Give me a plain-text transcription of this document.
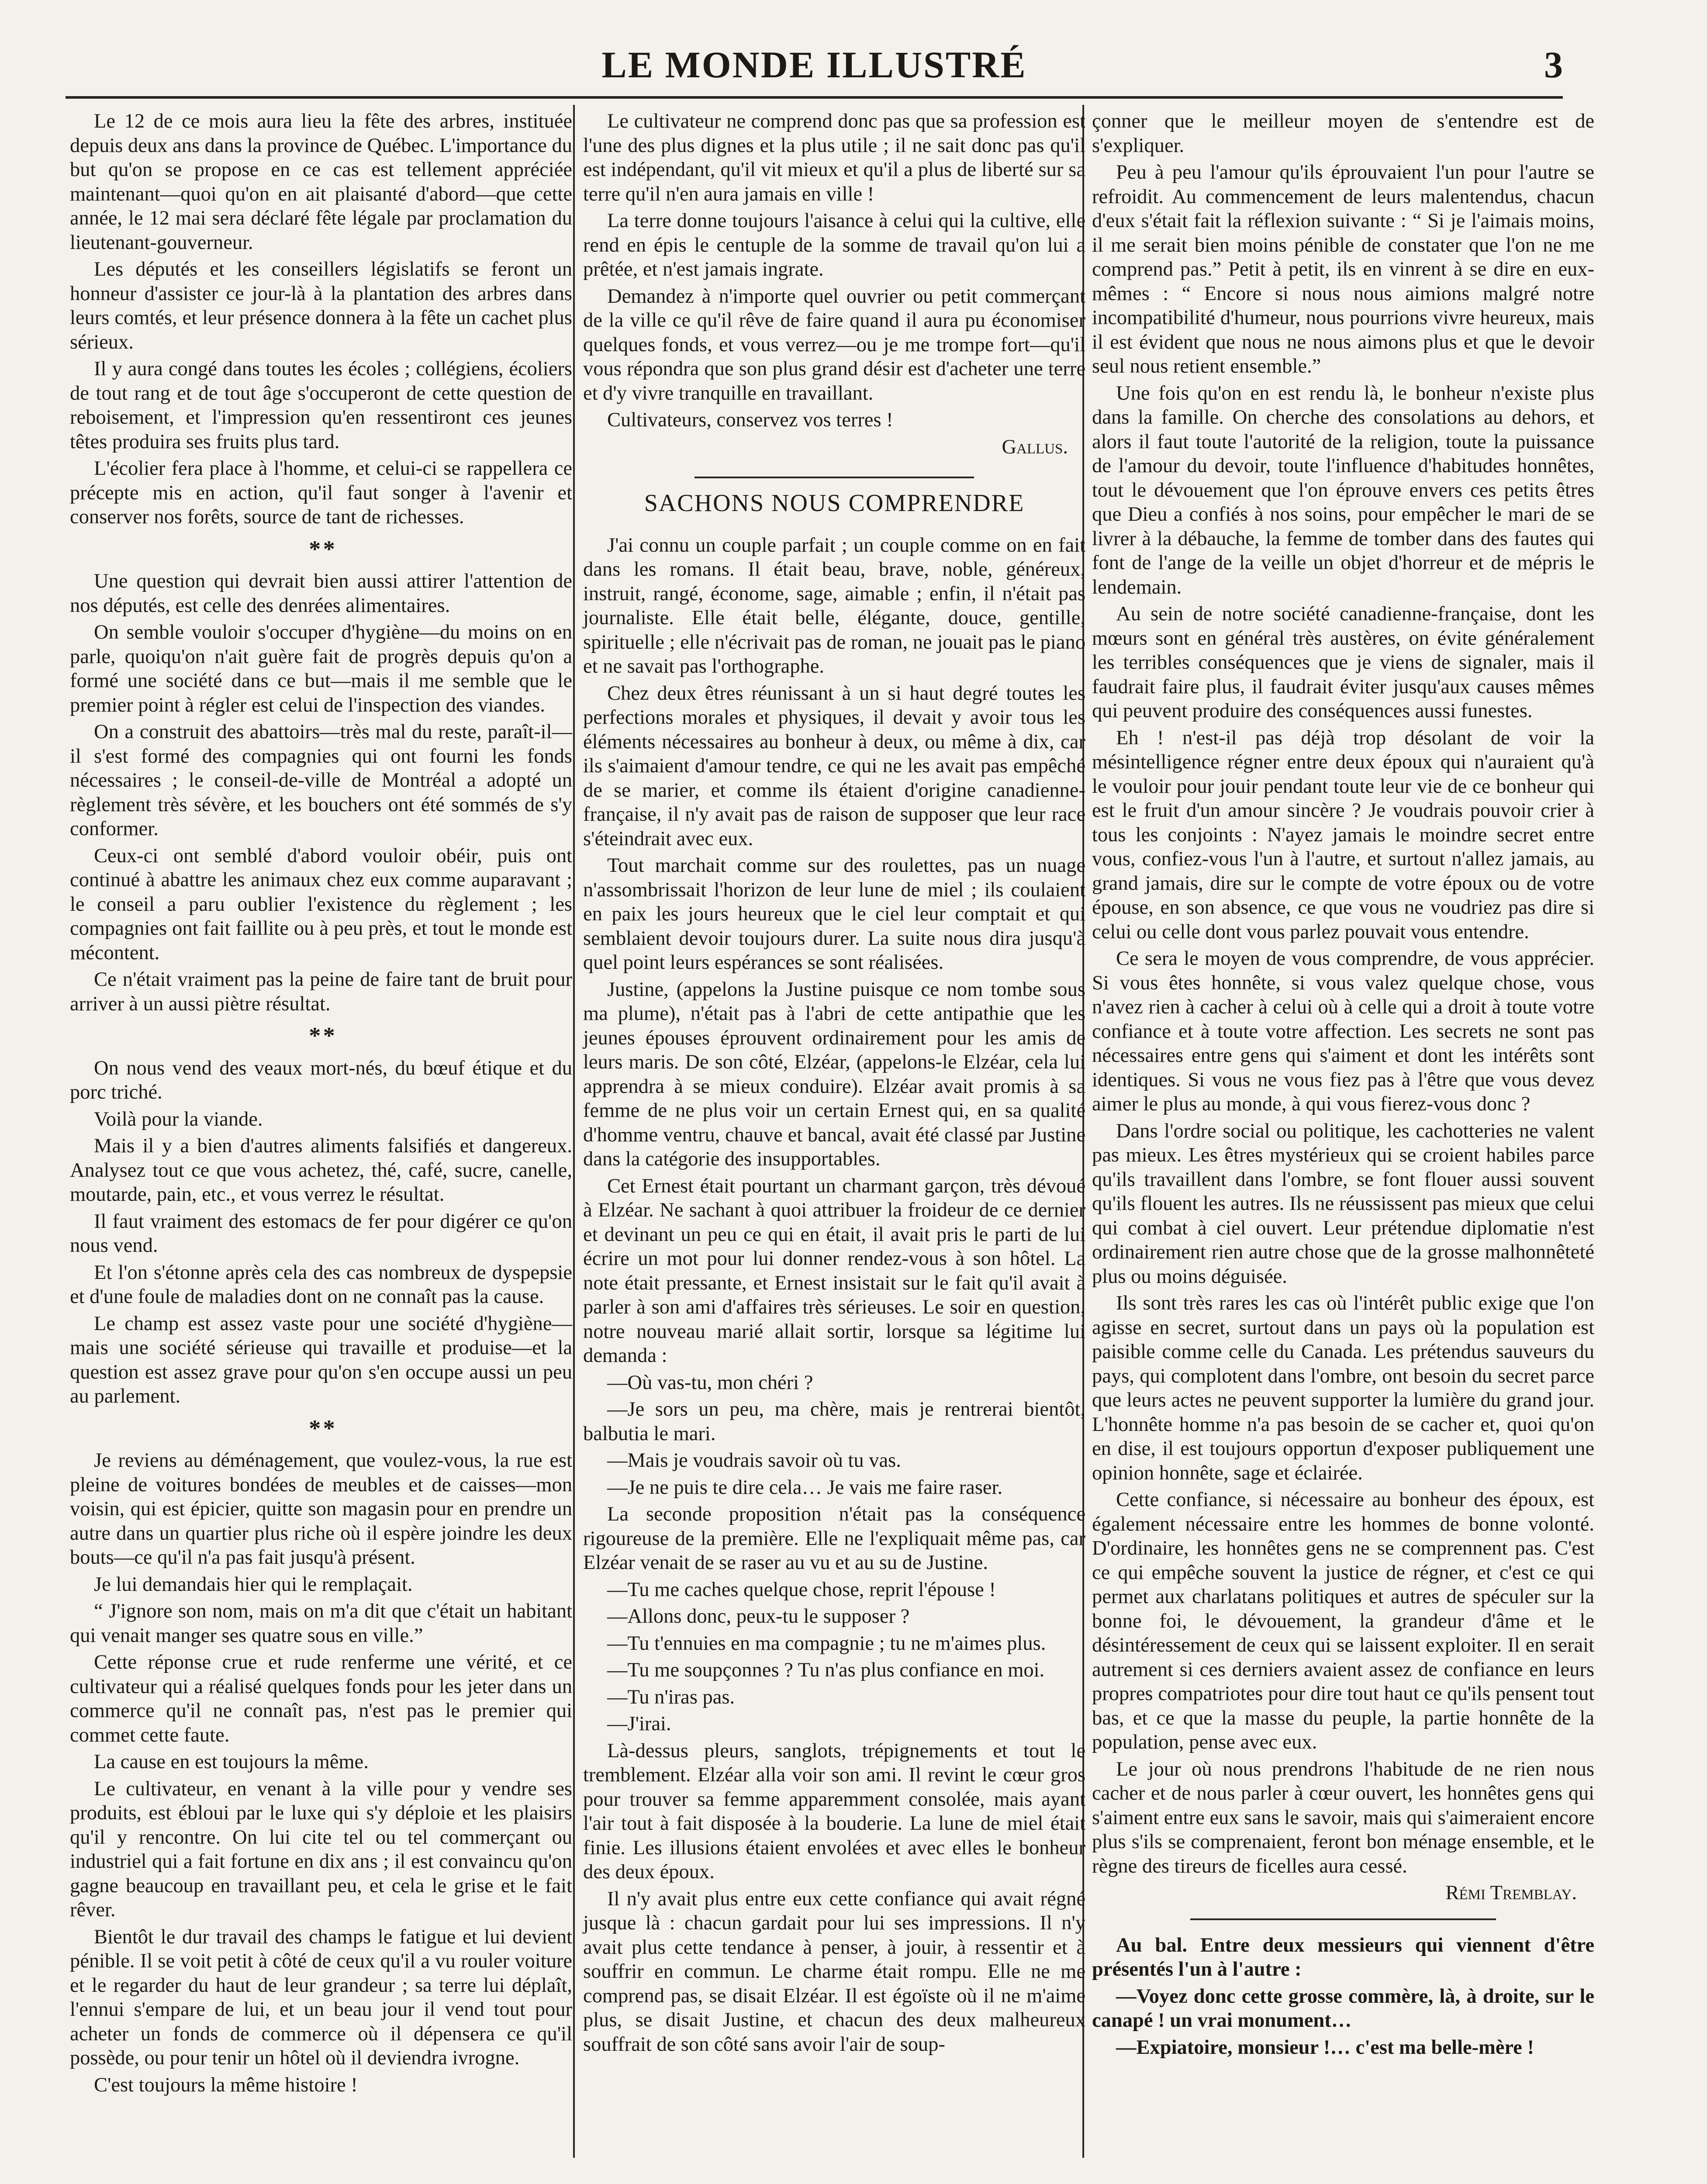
LE MONDE ILLUSTRÉ	3

Le 12 de ce mois aura lieu la fête des arbres, instituée depuis deux ans dans la province de Québec. L'importance du but qu'on se propose en ce cas est tellement appréciée maintenant—quoi qu'on en ait plaisanté d'abord—que cette année, le 12 mai sera déclaré fête légale par proclamation du lieutenant-gouverneur.

Les députés et les conseillers législatifs se feront un honneur d'assister ce jour-là à la plantation des arbres dans leurs comtés, et leur présence donnera à la fête un cachet plus sérieux.

Il y aura congé dans toutes les écoles ; collégiens, écoliers de tout rang et de tout âge s'occuperont de cette question de reboisement, et l'impression qu'en ressentiront ces jeunes têtes produira ses fruits plus tard.

L'écolier fera place à l'homme, et celui-ci se rappellera ce précepte mis en action, qu'il faut songer à l'avenir et conserver nos forêts, source de tant de richesses.

* *

Une question qui devrait bien aussi attirer l'attention de nos députés, est celle des denrées alimentaires.

On semble vouloir s'occuper d'hygiène—du moins on en parle, quoiqu'on n'ait guère fait de progrès depuis qu'on a formé une société dans ce but—mais il me semble que le premier point à régler est celui de l'inspection des viandes.

On a construit des abattoirs—très mal du reste, paraît-il—il s'est formé des compagnies qui ont fourni les fonds nécessaires ; le conseil-de-ville de Montréal a adopté un règlement très sévère, et les bouchers ont été sommés de s'y conformer.

Ceux-ci ont semblé d'abord vouloir obéir, puis ont continué à abattre les animaux chez eux comme auparavant ; le conseil a paru oublier l'existence du règlement ; les compagnies ont fait faillite ou à peu près, et tout le monde est mécontent.

Ce n'était vraiment pas la peine de faire tant de bruit pour arriver à un aussi piètre résultat.

* *

On nous vend des veaux mort-nés, du bœuf étique et du porc triché.

Voilà pour la viande.

Mais il y a bien d'autres aliments falsifiés et dangereux. Analysez tout ce que vous achetez, thé, café, sucre, canelle, moutarde, pain, etc., et vous verrez le résultat.

Il faut vraiment des estomacs de fer pour digérer ce qu'on nous vend.

Et l'on s'étonne après cela des cas nombreux de dyspepsie et d'une foule de maladies dont on ne connaît pas la cause.

Le champ est assez vaste pour une société d'hygiène—mais une société sérieuse qui travaille et produise—et la question est assez grave pour qu'on s'en occupe aussi un peu au parlement.

* *

Je reviens au déménagement, que voulez-vous, la rue est pleine de voitures bondées de meubles et de caisses—mon voisin, qui est épicier, quitte son magasin pour en prendre un autre dans un quartier plus riche où il espère joindre les deux bouts—ce qu'il n'a pas fait jusqu'à présent.

Je lui demandais hier qui le remplaçait.

“ J'ignore son nom, mais on m'a dit que c'était un habitant qui venait manger ses quatre sous en ville.”

Cette réponse crue et rude renferme une vérité, et ce cultivateur qui a réalisé quelques fonds pour les jeter dans un commerce qu'il ne connaît pas, n'est pas le premier qui commet cette faute.

La cause en est toujours la même.

Le cultivateur, en venant à la ville pour y vendre ses produits, est ébloui par le luxe qui s'y déploie et les plaisirs qu'il y rencontre. On lui cite tel ou tel commerçant ou industriel qui a fait fortune en dix ans ; il est convaincu qu'on gagne beaucoup en travaillant peu, et cela le grise et le fait rêver.

Bientôt le dur travail des champs le fatigue et lui devient pénible. Il se voit petit à côté de ceux qu'il a vu rouler voiture et le regarder du haut de leur grandeur ; sa terre lui déplaît, l'ennui s'empare de lui, et un beau jour il vend tout pour acheter un fonds de commerce où il dépensera ce qu'il possède, ou pour tenir un hôtel où il deviendra ivrogne.

C'est toujours la même histoire !

Le cultivateur ne comprend donc pas que sa profession est l'une des plus dignes et la plus utile ; il ne sait donc pas qu'il est indépendant, qu'il vit mieux et qu'il a plus de liberté sur sa terre qu'il n'en aura jamais en ville !

La terre donne toujours l'aisance à celui qui la cultive, elle rend en épis le centuple de la somme de travail qu'on lui a prêtée, et n'est jamais ingrate.

Demandez à n'importe quel ouvrier ou petit commerçant de la ville ce qu'il rêve de faire quand il aura pu économiser quelques fonds, et vous verrez—ou je me trompe fort—qu'il vous répondra que son plus grand désir est d'acheter une terre et d'y vivre tranquille en travaillant.

Cultivateurs, conservez vos terres !

Gallus.
SACHONS NOUS COMPRENDRE

J'ai connu un couple parfait ; un couple comme on en fait dans les romans. Il était beau, brave, noble, généreux, instruit, rangé, économe, sage, aimable ; enfin, il n'était pas journaliste. Elle était belle, élégante, douce, gentille, spirituelle ; elle n'écrivait pas de roman, ne jouait pas le piano et ne savait pas l'orthographe.

Chez deux êtres réunissant à un si haut degré toutes les perfections morales et physiques, il devait y avoir tous les éléments nécessaires au bonheur à deux, ou même à dix, car ils s'aimaient d'amour tendre, ce qui ne les avait pas empêché de se marier, et comme ils étaient d'origine canadienne-française, il n'y avait pas de raison de supposer que leur race s'éteindrait avec eux.

Tout marchait comme sur des roulettes, pas un nuage n'assombrissait l'horizon de leur lune de miel ; ils coulaient en paix les jours heureux que le ciel leur comptait et qui semblaient devoir toujours durer. La suite nous dira jusqu'à quel point leurs espérances se sont réalisées.

Justine, (appelons la Justine puisque ce nom tombe sous ma plume), n'était pas à l'abri de cette antipathie que les jeunes épouses éprouvent ordinairement pour les amis de leurs maris. De son côté, Elzéar, (appelons-le Elzéar, cela lui apprendra à se mieux conduire). Elzéar avait promis à sa femme de ne plus voir un certain Ernest qui, en sa qualité d'homme ventru, chauve et bancal, avait été classé par Justine dans la catégorie des insupportables.

Cet Ernest était pourtant un charmant garçon, très dévoué à Elzéar. Ne sachant à quoi attribuer la froideur de ce dernier et devinant un peu ce qui en était, il avait pris le parti de lui écrire un mot pour lui donner rendez-vous à son hôtel. La note était pressante, et Ernest insistait sur le fait qu'il avait à parler à son ami d'affaires très sérieuses. Le soir en question, notre nouveau marié allait sortir, lorsque sa légitime lui demanda :

—Où vas-tu, mon chéri ?

—Je sors un peu, ma chère, mais je rentrerai bientôt, balbutia le mari.

—Mais je voudrais savoir où tu vas.

—Je ne puis te dire cela… Je vais me faire raser.

La seconde proposition n'était pas la conséquence rigoureuse de la première. Elle ne l'expliquait même pas, car Elzéar venait de se raser au vu et au su de Justine.

—Tu me caches quelque chose, reprit l'épouse !

—Allons donc, peux-tu le supposer ?

—Tu t'ennuies en ma compagnie ; tu ne m'aimes plus.

—Tu me soupçonnes ? Tu n'as plus confiance en moi.

—Tu n'iras pas.

—J'irai.

Là-dessus pleurs, sanglots, trépignements et tout le tremblement. Elzéar alla voir son ami. Il revint le cœur gros pour trouver sa femme apparemment consolée, mais ayant l'air tout à fait disposée à la bouderie. La lune de miel était finie. Les illusions étaient envolées et avec elles le bonheur des deux époux.

Il n'y avait plus entre eux cette confiance qui avait régné jusque là : chacun gardait pour lui ses impressions. Il n'y avait plus cette tendance à penser, à jouir, à ressentir et à souffrir en commun. Le charme était rompu. Elle ne me comprend pas, se disait Elzéar. Il est égoïste où il ne m'aime plus, se disait Justine, et chacun des deux malheureux souffrait de son côté sans avoir l'air de soup-

çonner que le meilleur moyen de s'entendre est de s'expliquer.

Peu à peu l'amour qu'ils éprouvaient l'un pour l'autre se refroidit. Au commencement de leurs malentendus, chacun d'eux s'était fait la réflexion suivante : “ Si je l'aimais moins, il me serait bien moins pénible de constater que l'on ne me comprend pas.” Petit à petit, ils en vinrent à se dire en eux-mêmes : “ Encore si nous nous aimions malgré notre incompatibilité d'humeur, nous pourrions vivre heureux, mais il est évident que nous ne nous aimons plus et que le devoir seul nous retient ensemble.”

Une fois qu'on en est rendu là, le bonheur n'existe plus dans la famille. On cherche des consolations au dehors, et alors il faut toute l'autorité de la religion, toute la puissance de l'amour du devoir, toute l'influence d'habitudes honnêtes, tout le dévouement que l'on éprouve envers ces petits êtres que Dieu a confiés à nos soins, pour empêcher le mari de se livrer à la débauche, la femme de tomber dans des fautes qui font de l'ange de la veille un objet d'horreur et de mépris le lendemain.

Au sein de notre société canadienne-française, dont les mœurs sont en général très austères, on évite généralement les terribles conséquences que je viens de signaler, mais il faudrait faire plus, il faudrait éviter jusqu'aux causes mêmes qui peuvent produire des conséquences aussi funestes.

Eh ! n'est-il pas déjà trop désolant de voir la mésintelligence régner entre deux époux qui n'auraient qu'à le vouloir pour jouir pendant toute leur vie de ce bonheur qui est le fruit d'un amour sincère ? Je voudrais pouvoir crier à tous les conjoints : N'ayez jamais le moindre secret entre vous, confiez-vous l'un à l'autre, et surtout n'allez jamais, au grand jamais, dire sur le compte de votre époux ou de votre épouse, en son absence, ce que vous ne voudriez pas dire si celui ou celle dont vous parlez pouvait vous entendre.

Ce sera le moyen de vous comprendre, de vous apprécier. Si vous êtes honnête, si vous valez quelque chose, vous n'avez rien à cacher à celui où à celle qui a droit à toute votre confiance et à toute votre affection. Les secrets ne sont pas nécessaires entre gens qui s'aiment et dont les intérêts sont identiques. Si vous ne vous fiez pas à l'être que vous devez aimer le plus au monde, à qui vous fierez-vous donc ?

Dans l'ordre social ou politique, les cachotteries ne valent pas mieux. Les êtres mystérieux qui se croient habiles parce qu'ils travaillent dans l'ombre, se font flouer aussi souvent qu'ils flouent les autres. Ils ne réussissent pas mieux que celui qui combat à ciel ouvert. Leur prétendue diplomatie n'est ordinairement rien autre chose que de la grosse malhonnêteté plus ou moins déguisée.

Ils sont très rares les cas où l'intérêt public exige que l'on agisse en secret, surtout dans un pays où la population est paisible comme celle du Canada. Les prétendus sauveurs du pays, qui complotent dans l'ombre, ont besoin du secret parce que leurs actes ne peuvent supporter la lumière du grand jour. L'honnête homme n'a pas besoin de se cacher et, quoi qu'on en dise, il est toujours opportun d'exposer publiquement une opinion honnête, sage et éclairée.

Cette confiance, si nécessaire au bonheur des époux, est également nécessaire entre les hommes de bonne volonté. D'ordinaire, les honnêtes gens ne se comprennent pas. C'est ce qui empêche souvent la justice de régner, et c'est ce qui permet aux charlatans politiques et autres de spéculer sur la bonne foi, le dévouement, la grandeur d'âme et le désintéressement de ceux qui se laissent exploiter. Il en serait autrement si ces derniers avaient assez de confiance en leurs propres compatriotes pour dire tout haut ce qu'ils pensent tout bas, et ce que la masse du peuple, la partie honnête de la population, pense avec eux.

Le jour où nous prendrons l'habitude de ne rien nous cacher et de nous parler à cœur ouvert, les honnêtes gens qui s'aiment entre eux sans le savoir, mais qui s'aimeraient encore plus s'ils se comprenaient, feront bon ménage ensemble, et le règne des tireurs de ficelles aura cessé.

Rémi Tremblay.

Au bal. Entre deux messieurs qui viennent d'être présentés l'un à l'autre :

—Voyez donc cette grosse commère, là, à droite, sur le canapé ! un vrai monument…

—Expiatoire, monsieur !… c'est ma belle-mère !
